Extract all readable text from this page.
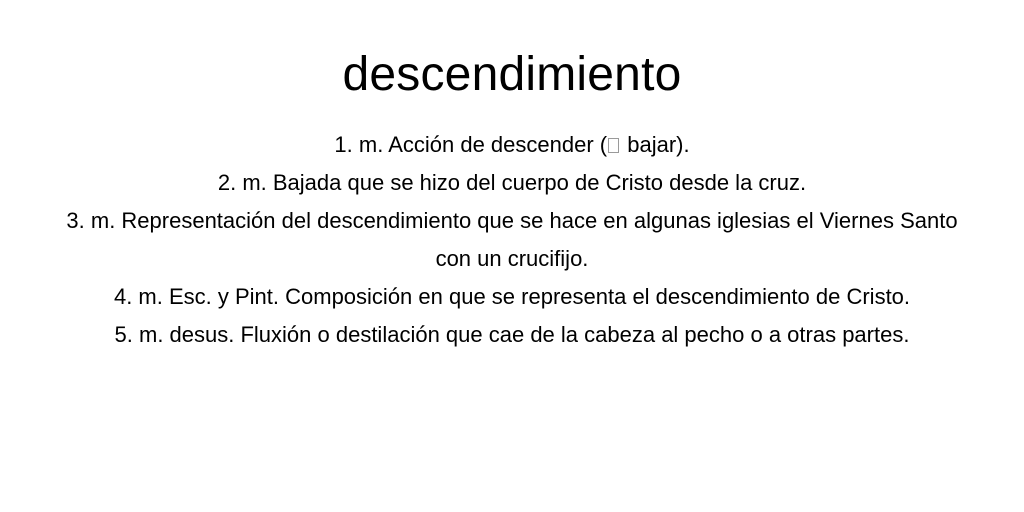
descendimiento
1. m. Acción de descender ( bajar).
2. m. Bajada que se hizo del cuerpo de Cristo desde la cruz.
3. m. Representación del descendimiento que se hace en algunas iglesias el Viernes Santo con un crucifijo.
4. m. Esc. y Pint. Composición en que se representa el descendimiento de Cristo.
5. m. desus. Fluxión o destilación que cae de la cabeza al pecho o a otras partes.
